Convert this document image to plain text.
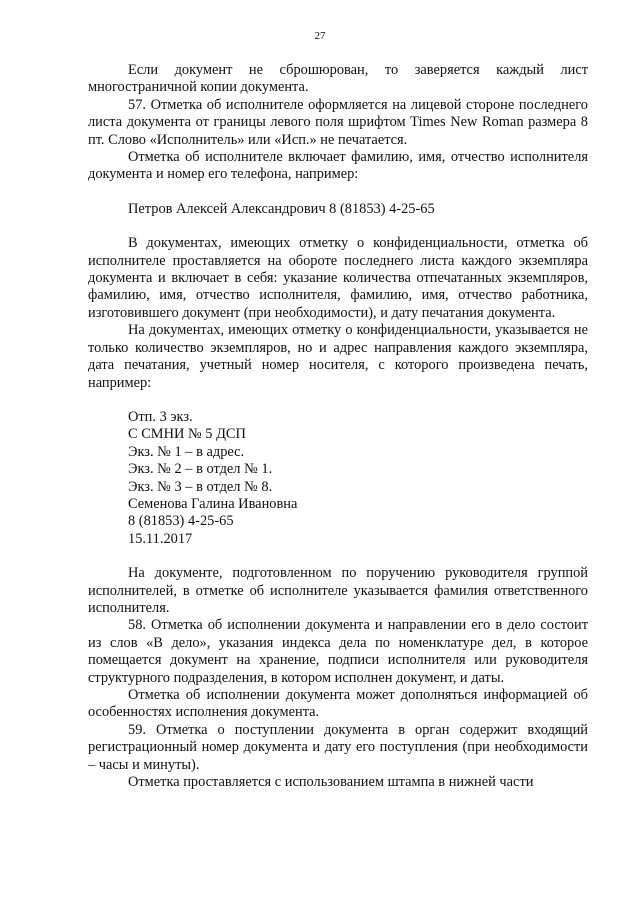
27

Если документ не сброшюрован, то заверяется каждый лист многостраничной копии документа.

57. Отметка об исполнителе оформляется на лицевой стороне последнего листа документа от границы левого поля шрифтом Times New Roman размера 8 пт. Слово «Исполнитель» или «Исп.» не печатается.

Отметка об исполнителе включает фамилию, имя, отчество исполнителя документа и номер его телефона, например:

Петров Алексей Александрович 8 (81853) 4-25-65

В документах, имеющих отметку о конфиденциальности, отметка об исполнителе проставляется на обороте последнего листа каждого экземпляра документа и включает в себя: указание количества отпечатанных экземпляров, фамилию, имя, отчество исполнителя, фамилию, имя, отчество работника, изготовившего документ (при необходимости), и дату печатания документа.

На документах, имеющих отметку о конфиденциальности, указывается не только количество экземпляров, но и адрес направления каждого экземпляра, дата печатания, учетный номер носителя, с которого произведена печать, например:

Отп. 3 экз.

С СМНИ № 5 ДСП

Экз. № 1 – в адрес.

Экз. № 2 – в отдел № 1.

Экз. № 3 – в отдел № 8.

Семенова Галина Ивановна

8 (81853) 4-25-65

15.11.2017

На документе, подготовленном по поручению руководителя группой исполнителей, в отметке об исполнителе указывается фамилия ответственного исполнителя.

58. Отметка об исполнении документа и направлении его в дело состоит из слов «В дело», указания индекса дела по номенклатуре дел, в которое помещается документ на хранение, подписи исполнителя или руководителя структурного подразделения, в котором исполнен документ, и даты.

Отметка об исполнении документа может дополняться информацией об особенностях исполнения документа.

59. Отметка о поступлении документа в орган содержит входящий регистрационный номер документа и дату его поступления (при необходимости – часы и минуты).

Отметка проставляется с использованием штампа в нижней части
